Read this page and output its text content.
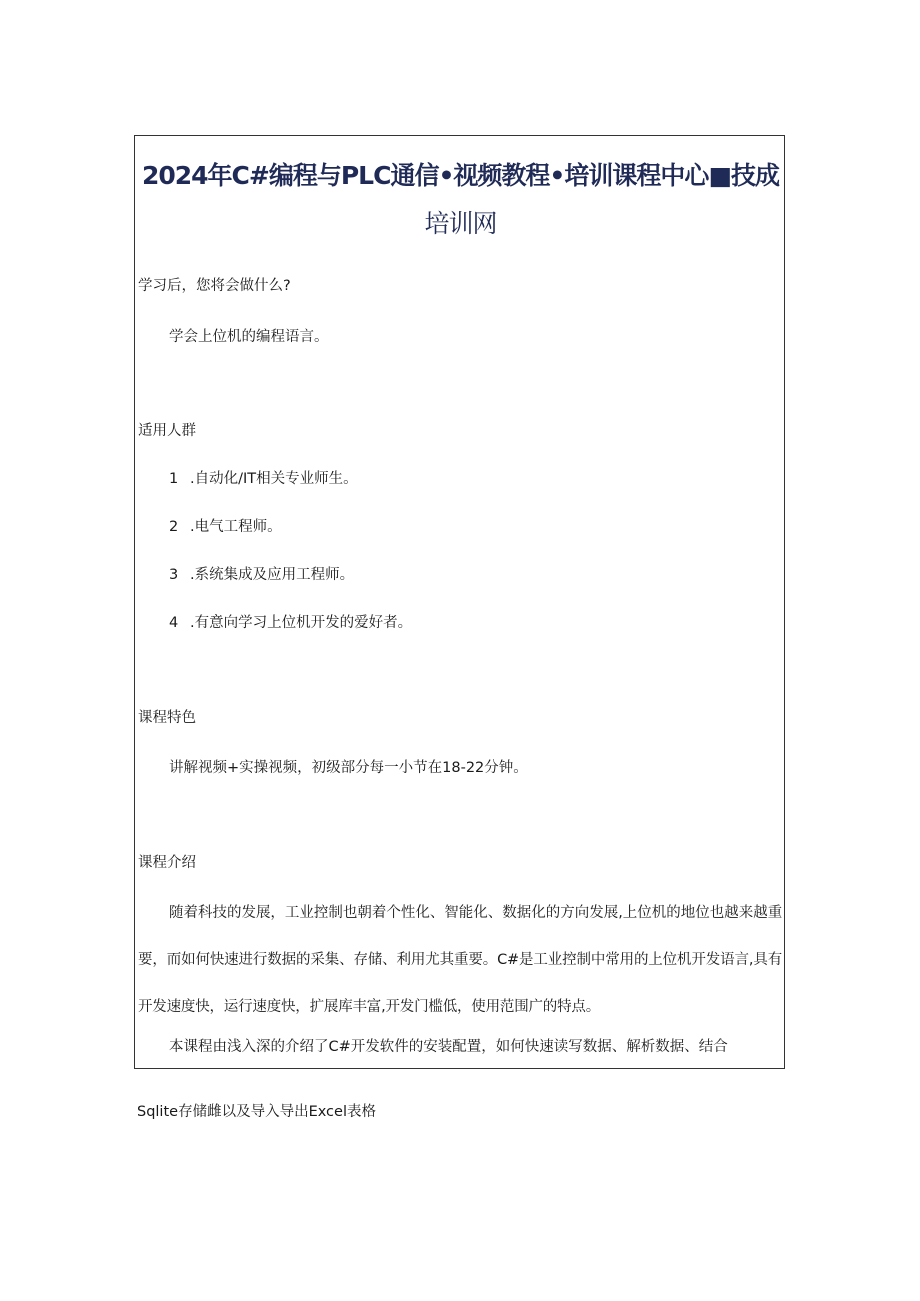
2024年C#编程与PLC通信•视频教程•培训课程中心■技成
培训网
学习后，您将会做什么?
学会上位机的编程语言。
适用人群
1 .自动化/IT相关专业师生。
2 .电气工程师。
3 .系统集成及应用工程师。
4 .有意向学习上位机开发的爱好者。
课程特色
讲解视频+实操视频，初级部分每一小节在18-22分钟。
课程介绍
随着科技的发展，工业控制也朝着个性化、智能化、数据化的方向发展,上位机的地位也越来越重要，而如何快速进行数据的采集、存储、利用尤其重要。C#是工业控制中常用的上位机开发语言,具有开发速度快，运行速度快，扩展库丰富,开发门槛低，使用范围广的特点。
本课程由浅入深的介绍了C#开发软件的安装配置，如何快速读写数据、解析数据、结合
Sqlite存储雌以及导入导出Excel表格
